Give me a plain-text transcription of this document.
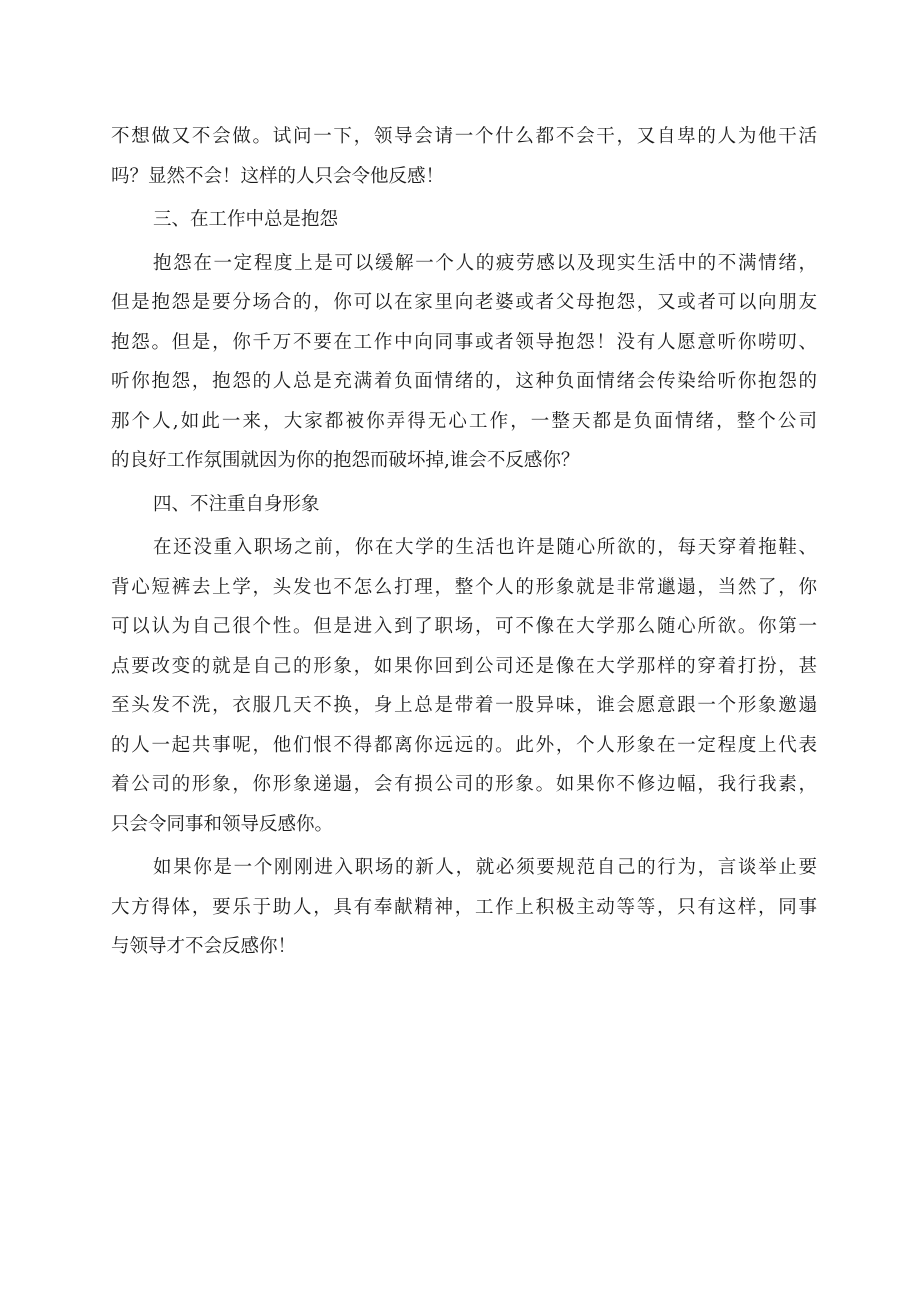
不想做又不会做。试问一下，领导会请一个什么都不会干，又自卑的人为他干活
吗？显然不会！这样的人只会令他反感！
三、在工作中总是抱怨
抱怨在一定程度上是可以缓解一个人的疲劳感以及现实生活中的不满情绪，
但是抱怨是要分场合的，你可以在家里向老婆或者父母抱怨，又或者可以向朋友
抱怨。但是，你千万不要在工作中向同事或者领导抱怨！没有人愿意听你唠叨、
听你抱怨，抱怨的人总是充满着负面情绪的，这种负面情绪会传染给听你抱怨的
那个人,如此一来，大家都被你弄得无心工作，一整天都是负面情绪，整个公司
的良好工作氛围就因为你的抱怨而破坏掉,谁会不反感你？
四、不注重自身形象
在还没重入职场之前，你在大学的生活也许是随心所欲的，每天穿着拖鞋、
背心短裤去上学，头发也不怎么打理，整个人的形象就是非常邋遢，当然了，你
可以认为自己很个性。但是进入到了职场，可不像在大学那么随心所欲。你第一
点要改变的就是自己的形象，如果你回到公司还是像在大学那样的穿着打扮，甚
至头发不洗，衣服几天不换，身上总是带着一股异味，谁会愿意跟一个形象邀遢
的人一起共事呢，他们恨不得都离你远远的。此外，个人形象在一定程度上代表
着公司的形象，你形象递遢，会有损公司的形象。如果你不修边幅，我行我素，
只会令同事和领导反感你。
如果你是一个刚刚进入职场的新人，就必须要规范自己的行为，言谈举止要
大方得体，要乐于助人，具有奉献精神，工作上积极主动等等，只有这样，同事
与领导才不会反感你！
